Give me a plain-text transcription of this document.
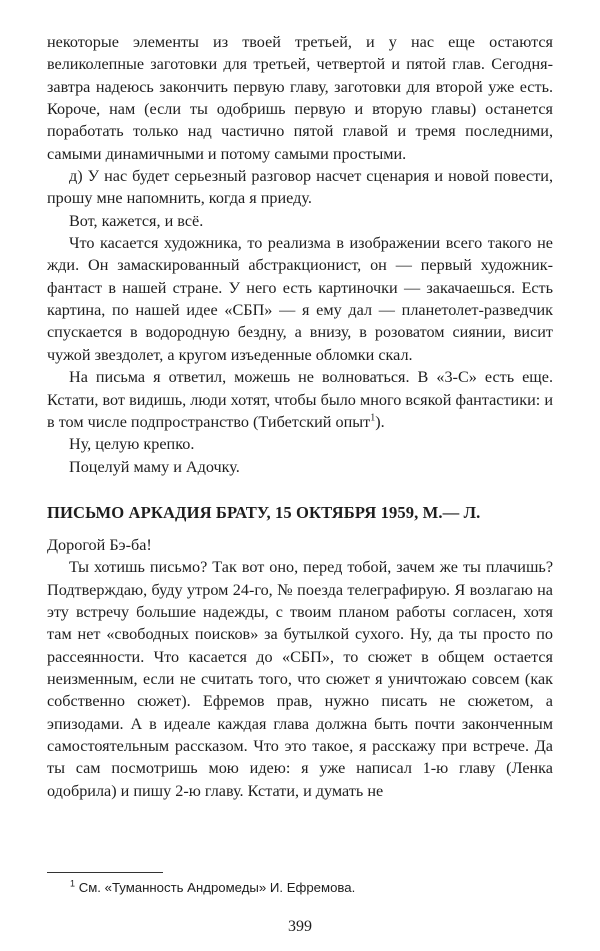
некоторые элементы из твоей третьей, и у нас еще остаются великолепные заготовки для третьей, четвертой и пятой глав. Сегодня-завтра надеюсь закончить первую главу, заготовки для второй уже есть. Короче, нам (если ты одобришь первую и вторую главы) останется поработать только над частично пятой главой и тремя последними, самыми динамичными и потому самыми простыми.

д) У нас будет серьезный разговор насчет сценария и новой повести, прошу мне напомнить, когда я приеду.

Вот, кажется, и всё.

Что касается художника, то реализма в изображении всего такого не жди. Он замаскированный абстракционист, он — первый художник-фантаст в нашей стране. У него есть картиночки — закачаешься. Есть картина, по нашей идее «СБП» — я ему дал — планетолет-разведчик спускается в водородную бездну, а внизу, в розоватом сиянии, висит чужой звездолет, а кругом изъеденные обломки скал.

На письма я ответил, можешь не волноваться. В «3-С» есть еще. Кстати, вот видишь, люди хотят, чтобы было много всякой фантастики: и в том числе подпространство (Тибетский опыт$^1$).

Ну, целую крепко.

Поцелуй маму и Адочку.

ПИСЬМО АРКАДИЯ БРАТУ, 15 ОКТЯБРЯ 1959, М.— Л.

Дорогой Бэ-ба!

Ты хотишь письмо? Так вот оно, перед тобой, зачем же ты плачишь? Подтверждаю, буду утром 24-го, № поезда телеграфирую. Я возлагаю на эту встречу большие надежды, с твоим планом работы согласен, хотя там нет «свободных поисков» за бутылкой сухого. Ну, да ты просто по рассеянности. Что касается до «СБП», то сюжет в общем остается неизменным, если не считать того, что сюжет я уничтожаю совсем (как собственно сюжет). Ефремов прав, нужно писать не сюжетом, а эпизодами. А в идеале каждая глава должна быть почти законченным самостоятельным рассказом. Что это такое, я расскажу при встрече. Да ты сам посмотришь мою идею: я уже написал 1-ю главу (Ленка одобрила) и пишу 2-ю главу. Кстати, и думать не

$^1$ См. «Туманность Андромеды» И. Ефремова.
399
